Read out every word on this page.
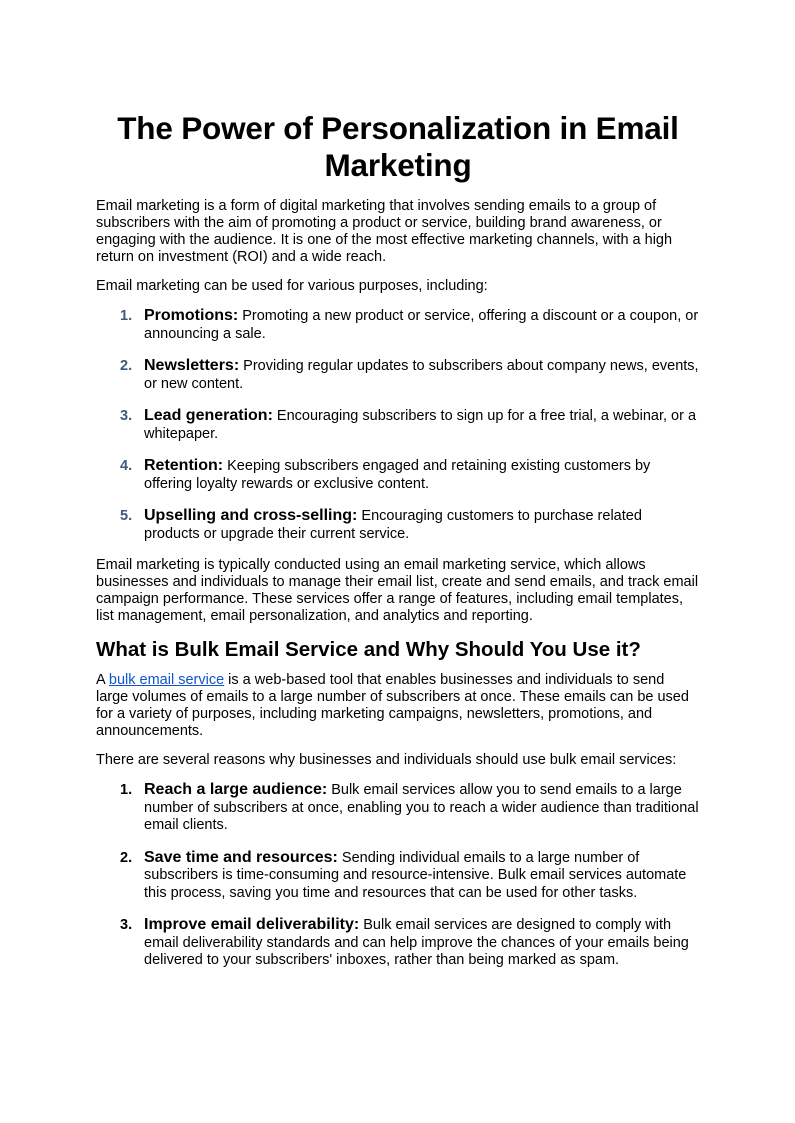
The Power of Personalization in Email Marketing

Email marketing is a form of digital marketing that involves sending emails to a group of subscribers with the aim of promoting a product or service, building brand awareness, or engaging with the audience. It is one of the most effective marketing channels, with a high return on investment (ROI) and a wide reach.

Email marketing can be used for various purposes, including:

1. Promotions: Promoting a new product or service, offering a discount or a coupon, or announcing a sale.
2. Newsletters: Providing regular updates to subscribers about company news, events, or new content.
3. Lead generation: Encouraging subscribers to sign up for a free trial, a webinar, or a whitepaper.
4. Retention: Keeping subscribers engaged and retaining existing customers by offering loyalty rewards or exclusive content.
5. Upselling and cross-selling: Encouraging customers to purchase related products or upgrade their current service.

Email marketing is typically conducted using an email marketing service, which allows businesses and individuals to manage their email list, create and send emails, and track email campaign performance. These services offer a range of features, including email templates, list management, email personalization, and analytics and reporting.

What is Bulk Email Service and Why Should You Use it?

A bulk email service is a web-based tool that enables businesses and individuals to send large volumes of emails to a large number of subscribers at once. These emails can be used for a variety of purposes, including marketing campaigns, newsletters, promotions, and announcements.

There are several reasons why businesses and individuals should use bulk email services:

1. Reach a large audience: Bulk email services allow you to send emails to a large number of subscribers at once, enabling you to reach a wider audience than traditional email clients.
2. Save time and resources: Sending individual emails to a large number of subscribers is time-consuming and resource-intensive. Bulk email services automate this process, saving you time and resources that can be used for other tasks.
3. Improve email deliverability: Bulk email services are designed to comply with email deliverability standards and can help improve the chances of your emails being delivered to your subscribers' inboxes, rather than being marked as spam.
